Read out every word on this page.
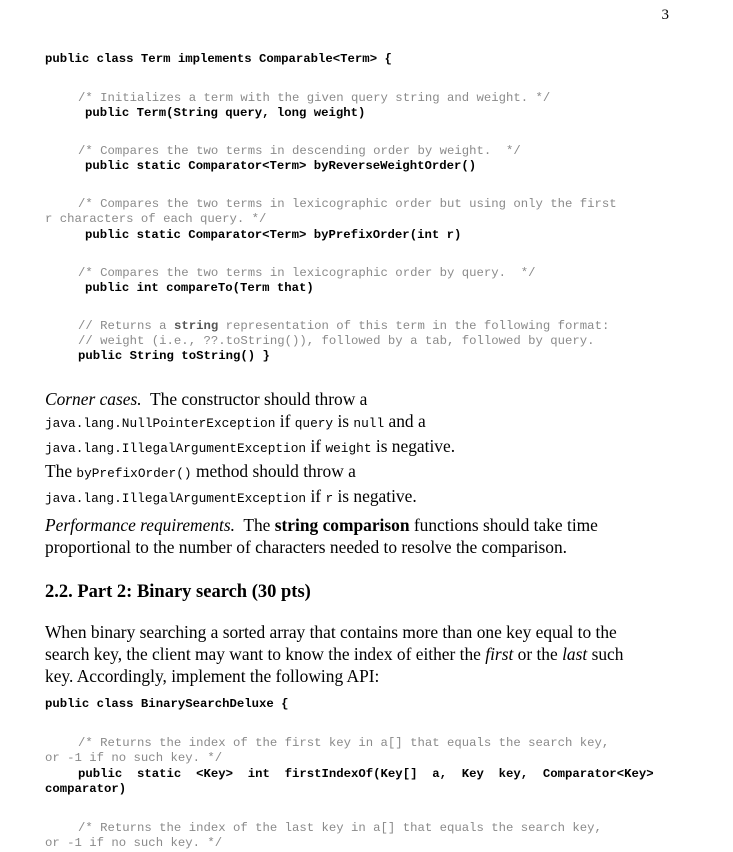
3
public class Term implements Comparable<Term> {
/* Initializes a term with the given query string and weight. */
public Term(String query, long weight)
/* Compares the two terms in descending order by weight.  */
public static Comparator<Term> byReverseWeightOrder()
/* Compares the two terms in lexicographic order but using only the first
r characters of each query. */
public static Comparator<Term> byPrefixOrder(int r)
/* Compares the two terms in lexicographic order by query.  */
public int compareTo(Term that)
// Returns a string representation of this term in the following format:
// weight (i.e., ??.toString()), followed by a tab, followed by query.
public String toString() }
Corner cases. The constructor should throw a
java.lang.NullPointerException if query is null and a
java.lang.IllegalArgumentException if weight is negative.
The byPrefixOrder() method should throw a
java.lang.IllegalArgumentException if r is negative.
Performance requirements. The string comparison functions should take time
proportional to the number of characters needed to resolve the comparison.
2.2. Part 2: Binary search (30 pts)
When binary searching a sorted array that contains more than one key equal to the
search key, the client may want to know the index of either the first or the last such
key. Accordingly, implement the following API:
public class BinarySearchDeluxe {
/* Returns the index of the first key in a[] that equals the search key,
or -1 if no such key. */
public  static  <Key>  int  firstIndexOf(Key[]  a,  Key  key,  Comparator<Key>
comparator)
/* Returns the index of the last key in a[] that equals the search key,
or -1 if no such key. */
